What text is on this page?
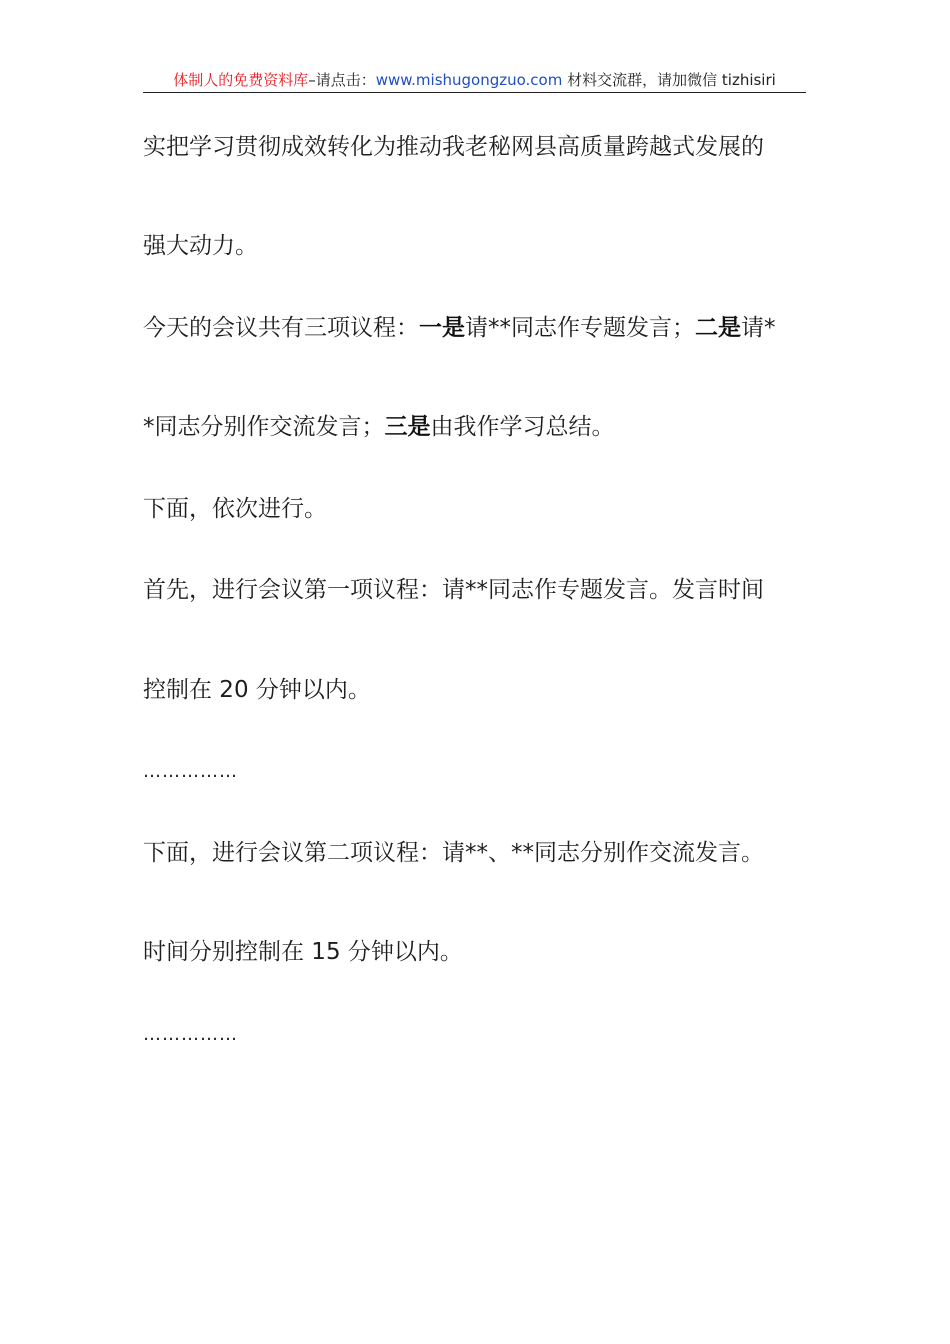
体制人的免费资料库–请点击：www.mishugongzuo.com 材料交流群，请加微信 tizhisiri
实把学习贯彻成效转化为推动我老秘网县高质量跨越式发展的
强大动力。
今天的会议共有三项议程：一是请**同志作专题发言；二是请*
*同志分别作交流发言；三是由我作学习总结。
下面，依次进行。
首先，进行会议第一项议程：请**同志作专题发言。发言时间
控制在 20 分钟以内。
……………
下面，进行会议第二项议程：请**、**同志分别作交流发言。
时间分别控制在 15 分钟以内。
……………
